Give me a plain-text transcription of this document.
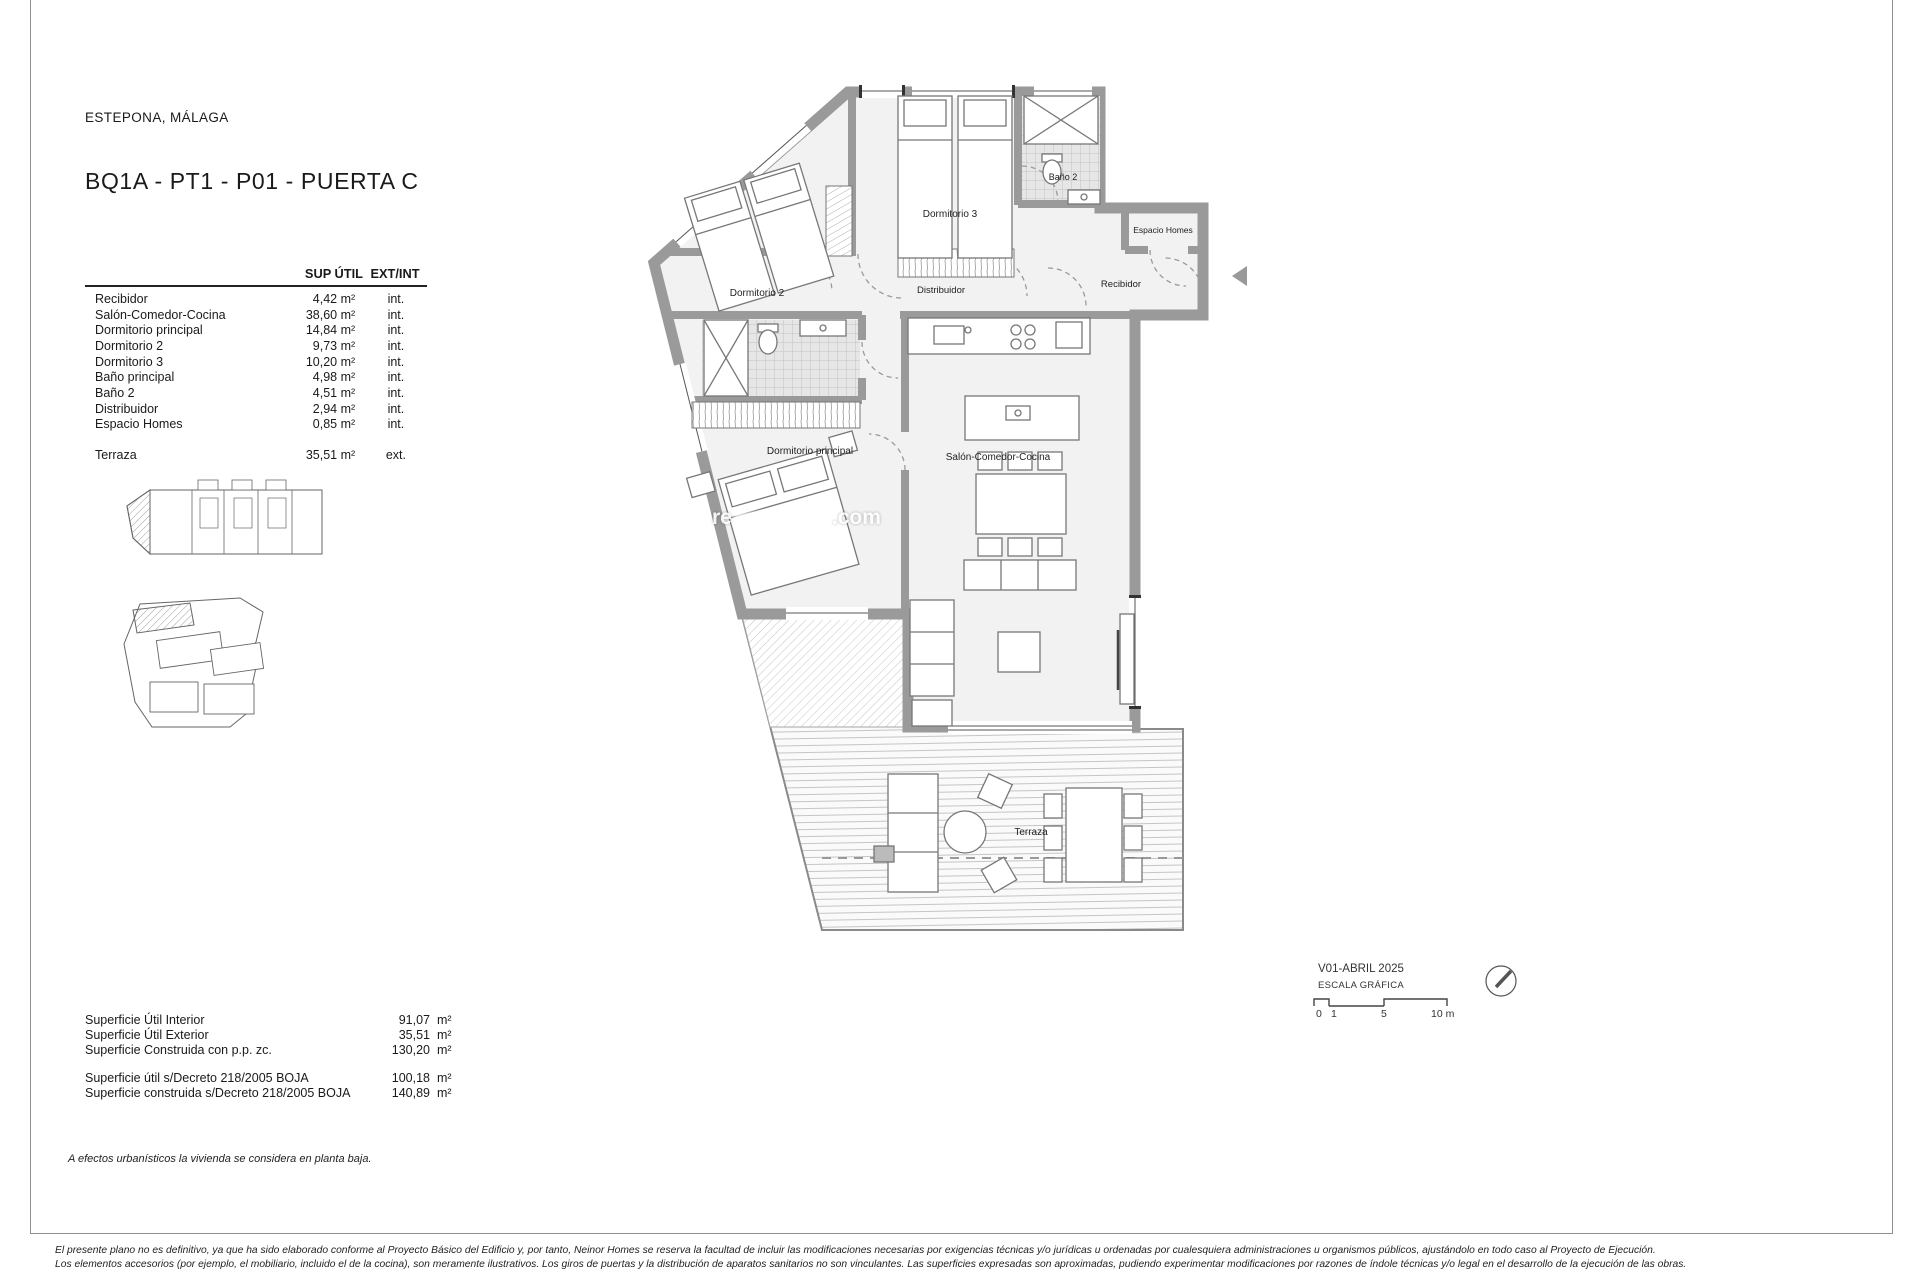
ESTEPONA, MÁLAGA
BQ1A - PT1 - P01 - PUERTA C
SUP ÚTIL EXT/INT
Recibidor	4,42 m²	int.
Salón-Comedor-Cocina	38,60 m²	int.
Dormitorio principal	14,84 m²	int.
Dormitorio 2	9,73 m²	int.
Dormitorio 3	10,20 m²	int.
Baño principal	4,98 m²	int.
Baño 2	4,51 m²	int.
Distribuidor	2,94 m²	int.
Espacio Homes	0,85 m²	int.
Terraza	35,51 m²	ext.
Dormitorio 2
Dormitorio 3
Baño 2
Espacio Homes
Distribuidor
Recibidor
Dormitorio principal
Salón-Comedor-Cocina
Terraza
re	.com
Superficie Útil Interior	91,07 m²
Superficie Útil Exterior	35,51 m²
Superficie Construida con p.p. zc.	130,20 m²
Superficie útil s/Decreto 218/2005 BOJA	100,18 m²
Superficie construida s/Decreto 218/2005 BOJA	140,89 m²
A efectos urbanísticos la vivienda se considera en planta baja.
El presente plano no es definitivo, ya que ha sido elaborado conforme al Proyecto Básico del Edificio y, por tanto, Neinor Homes se reserva la facultad de incluir las modificaciones necesarias por exigencias técnicas y/o jurídicas u ordenadas por cualesquiera administraciones u organismos públicos, ajustándolo en todo caso al Proyecto de Ejecución.
Los elementos accesorios (por ejemplo, el mobiliario, incluido el de la cocina), son meramente ilustrativos. Los giros de puertas y la distribución de aparatos sanitarios no son vinculantes. Las superficies expresadas son aproximadas, pudiendo experimentar modificaciones por razones de índole técnicas y/o legal en el desarrollo de la ejecución de las obras.
V01-ABRIL 2025
ESCALA GRÁFICA
0 1	5	10 m
